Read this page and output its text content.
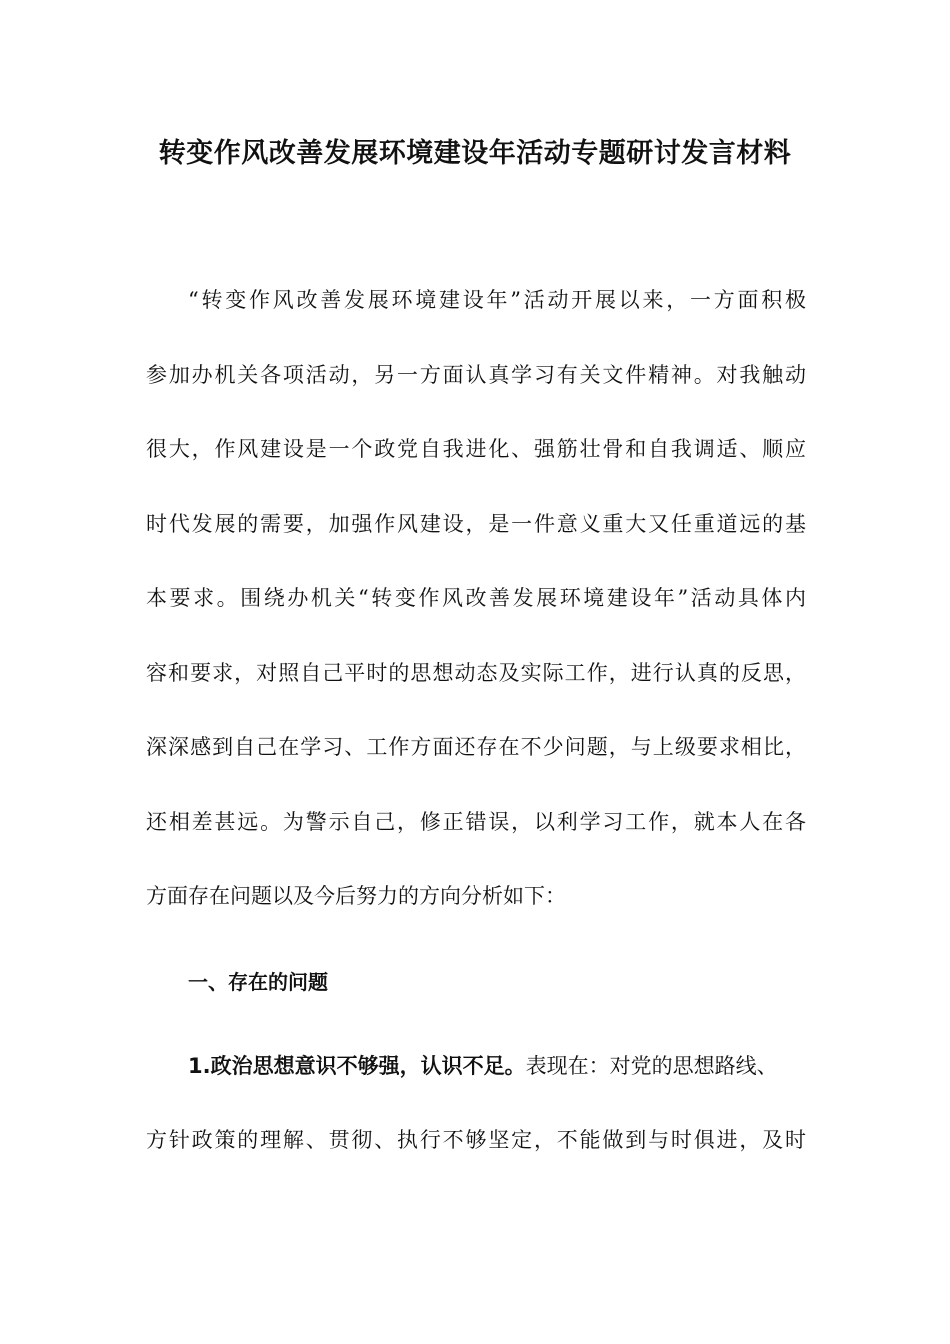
转变作风改善发展环境建设年活动专题研讨发言材料
“转变作风改善发展环境建设年”活动开展以来，一方面积极
参加办机关各项活动，另一方面认真学习有关文件精神。对我触动
很大，作风建设是一个政党自我进化、强筋壮骨和自我调适、顺应
时代发展的需要，加强作风建设，是一件意义重大又任重道远的基
本要求。围绕办机关“转变作风改善发展环境建设年”活动具体内
容和要求，对照自己平时的思想动态及实际工作，进行认真的反思，
深深感到自己在学习、工作方面还存在不少问题，与上级要求相比，
还相差甚远。为警示自己，修正错误，以利学习工作，就本人在各
方面存在问题以及今后努力的方向分析如下：
一、存在的问题
1.政治思想意识不够强，认识不足。表现在：对党的思想路线、
方针政策的理解、贯彻、执行不够坚定，不能做到与时俱进，及时
